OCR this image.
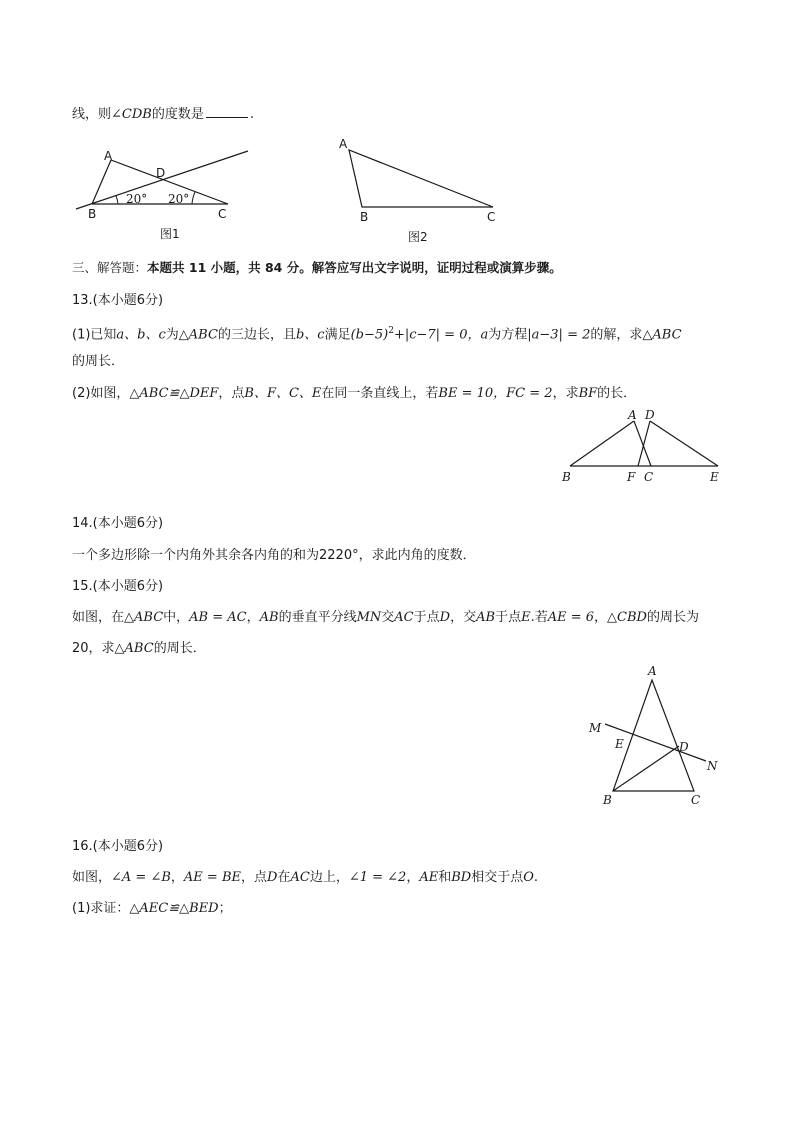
线，则∠CDB的度数是	.
A
D
B	C
20° 20°
图1
A
B	C
图2
三、解答题：本题共 11 小题，共 84 分。解答应写出文字说明，证明过程或演算步骤。
13.(本小题6分)
(1)已知a、b、c为△ABC的三边长，且b、c满足$(b-5)^2+|c-7| = 0$，a为方程|a−3| = 2的解，求△ABC
的周长．
(2)如图，△ABC≌△DEF，点B、F、C、E在同一条直线上，若BE = 10，FC = 2，求BF的长．
A D
B	F C	E
14.(本小题6分)
一个多边形除一个内角外其余各内角的和为2220°，求此内角的度数．
15.(本小题6分)
如图，在△ABC中，AB = AC，AB的垂直平分线MN交AC于点D，交AB于点E.若AE = 6，△CBD的周长为
20，求△ABC的周长．
A
M
E	D
N
B	C
16.(本小题6分)
如图，∠A = ∠B，AE = BE，点D在AC边上，∠1 = ∠2，AE和BD相交于点O.
(1)求证：△AEC≌△BED；
